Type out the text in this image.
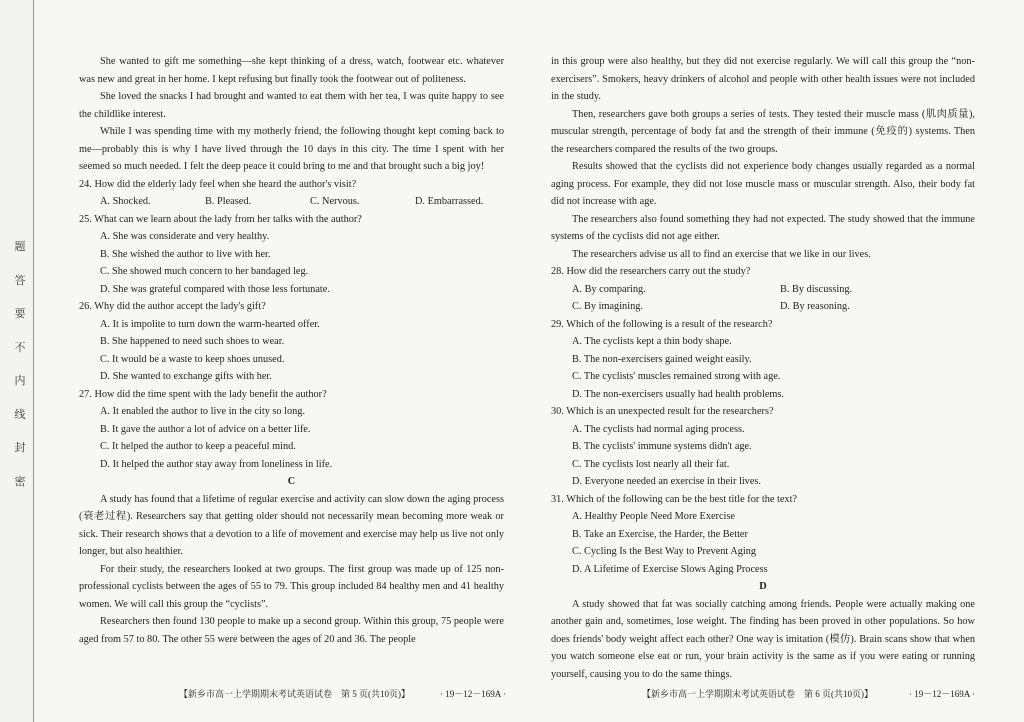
题
答
要
不
内
线
封
密

She wanted to gift me something—she kept thinking of a dress, watch, footwear etc. whatever was new and great in her home. I kept refusing but finally took the footwear out of politeness.

She loved the snacks I had brought and wanted to eat them with her tea, I was quite happy to see the childlike interest.

While I was spending time with my motherly friend, the following thought kept coming back to me—probably this is why I have lived through the 10 days in this city. The time I spent with her seemed so much needed. I felt the deep peace it could bring to me and that brought such a big joy!

24. How did the elderly lady feel when she heard the author's visit?

A. Shocked.	B. Pleased.	C. Nervous.	D. Embarrassed.

25. What can we learn about the lady from her talks with the author?

A. She was considerate and very healthy.

B. She wished the author to live with her.

C. She showed much concern to her bandaged leg.

D. She was grateful compared with those less fortunate.

26. Why did the author accept the lady's gift?

A. It is impolite to turn down the warm-hearted offer.

B. She happened to need such shoes to wear.

C. It would be a waste to keep shoes unused.

D. She wanted to exchange gifts with her.

27. How did the time spent with the lady benefit the author?

A. It enabled the author to live in the city so long.

B. It gave the author a lot of advice on a better life.

C. It helped the author to keep a peaceful mind.

D. It helped the author stay away from loneliness in life.

C

A study has found that a lifetime of regular exercise and activity can slow down the aging process (衰老过程). Researchers say that getting older should not necessarily mean becoming more weak or sick. Their research shows that a devotion to a life of movement and exercise may help us live not only longer, but also healthier.

For their study, the researchers looked at two groups. The first group was made up of 125 non-professional cyclists between the ages of 55 to 79. This group included 84 healthy men and 41 healthy women. We will call this group the “cyclists”.

Researchers then found 130 people to make up a second group. Within this group, 75 people were aged from 57 to 80. The other 55 were between the ages of 20 and 36. The people

in this group were also healthy, but they did not exercise regularly. We will call this group the “non-exercisers”. Smokers, heavy drinkers of alcohol and people with other health issues were not included in the study.

Then, researchers gave both groups a series of tests. They tested their muscle mass (肌肉质量), muscular strength, percentage of body fat and the strength of their immune (免疫的) systems. Then the researchers compared the results of the two groups.

Results showed that the cyclists did not experience body changes usually regarded as a normal aging process. For example, they did not lose muscle mass or muscular strength. Also, their body fat did not increase with age.

The researchers also found something they had not expected. The study showed that the immune systems of the cyclists did not age either.

The researchers advise us all to find an exercise that we like in our lives.

28. How did the researchers carry out the study?

A. By comparing.	B. By discussing.
C. By imagining.	D. By reasoning.

29. Which of the following is a result of the research?

A. The cyclists kept a thin body shape.

B. The non-exercisers gained weight easily.

C. The cyclists' muscles remained strong with age.

D. The non-exercisers usually had health problems.

30. Which is an unexpected result for the researchers?

A. The cyclists had normal aging process.

B. The cyclists' immune systems didn't age.

C. The cyclists lost nearly all their fat.

D. Everyone needed an exercise in their lives.

31. Which of the following can be the best title for the text?

A. Healthy People Need More Exercise

B. Take an Exercise, the Harder, the Better

C. Cycling Is the Best Way to Prevent Aging

D. A Lifetime of Exercise Slows Aging Process

D

A study showed that fat was socially catching among friends. People were actually making one another gain and, sometimes, lose weight. The finding has been proved in other populations. So how does friends' body weight affect each other? One way is imitation (模仿). Brain scans show that when you watch someone else eat or run, your brain activity is the same as if you were eating or running yourself, causing you to do the same things.

【新乡市高一上学期期末考试英语试卷　第 5 页(共10页)】	· 19－12－169A ·	【新乡市高一上学期期末考试英语试卷　第 6 页(共10页)】	· 19－12－169A ·
